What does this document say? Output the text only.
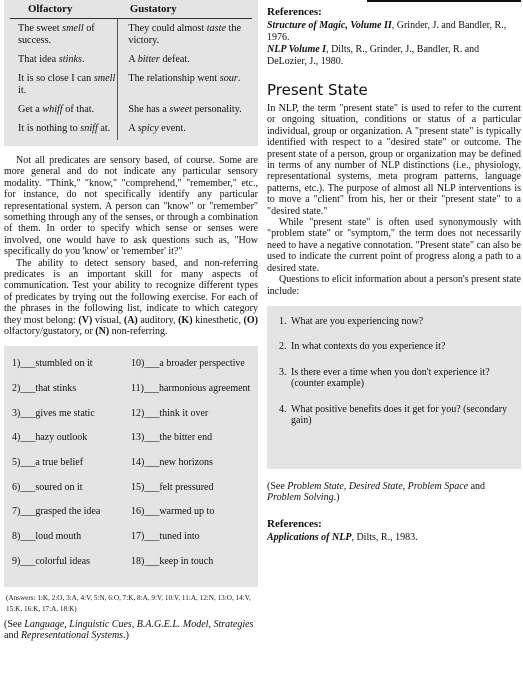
Olfactory	Gustatory
The sweet smell of success.	They could almost taste the victory.
That idea stinks.	A bitter defeat.
It is so close I can smell it.	The relationship went sour.
Get a whiff of that.	She has a sweet personality.
It is nothing to sniff at.	A spicy event.

Not all predicates are sensory based, of course. Some are more general and do not indicate any particular sensory modality. "Think," "know," "comprehend," "remember," etc., for instance, do not specifically identify any particular representational system. A person can "know" or "remember" something through any of the senses, or through a combination of them. In order to specify which sense or senses were involved, one would have to ask questions such as, "How specifically do you 'know' or 'remember' it?"

The ability to detect sensory based, and non-referring predicates is an important skill for many aspects of communication. Test your ability to recognize different types of predicates by trying out the following exercise. For each of the phrases in the following list, indicate to which category they most belong: (V) visual, (A) auditory, (K) kinesthetic, (O) olfactory/gustatory, or (N) non-referring.

1)___stumbled on it	10)___a broader perspective
2)___that stinks	11)___harmonious agreement
3)___gives me static	12)___think it over
4)___hazy outlook	13)___the bitter end
5)___a true belief	14)___new horizons
6)___soured on it	15)___felt pressured
7)___grasped the idea	16)___warmed up to
8)___loud mouth	17)___tuned into
9)___colorful ideas	18)___keep in touch
(Answers: 1:K, 2:O, 3:A, 4:V, 5:N, 6:O, 7:K, 8:A, 9:V, 10:V, 11:A, 12:N, 13:O, 14:V, 15:K, 16:K, 17:A, 18:K)
(See Language, Linguistic Cues, B.A.G.E.L. Model, Strategies and Representational Systems.)
References:

Structure of Magic, Volume II, Grinder, J. and Bandler, R., 1976.

NLP Volume I, Dilts, R., Grinder, J., Bandler, R. and DeLozier, J., 1980.

Present State

In NLP, the term "present state" is used to refer to the current or ongoing situation, conditions or status of a particular individual, group or organization. A "present state" is typically identified with respect to a "desired state" or outcome. The present state of a person, group or organization may be defined in terms of any number of NLP distinctions (i.e., physiology, representational systems, meta program patterns, language patterns, etc.). The purpose of almost all NLP interventions is to move a "client" from his, her or their "present state" to a "desired state."

While "present state" is often used synonymously with "problem state" or "symptom," the term does not necessarily need to have a negative connotation. "Present state" can also be used to indicate the current point of progress along a path to a desired state.

Questions to elicit information about a person's present state include:

1. What are you experiencing now?
2. In what contexts do you experience it?
3. Is there ever a time when you don't experience it? (counter example)
4. What positive benefits does it get for you? (secondary gain)
(See Problem State, Desired State, Problem Space and Problem Solving.)
References:

Applications of NLP, Dilts, R., 1983.
